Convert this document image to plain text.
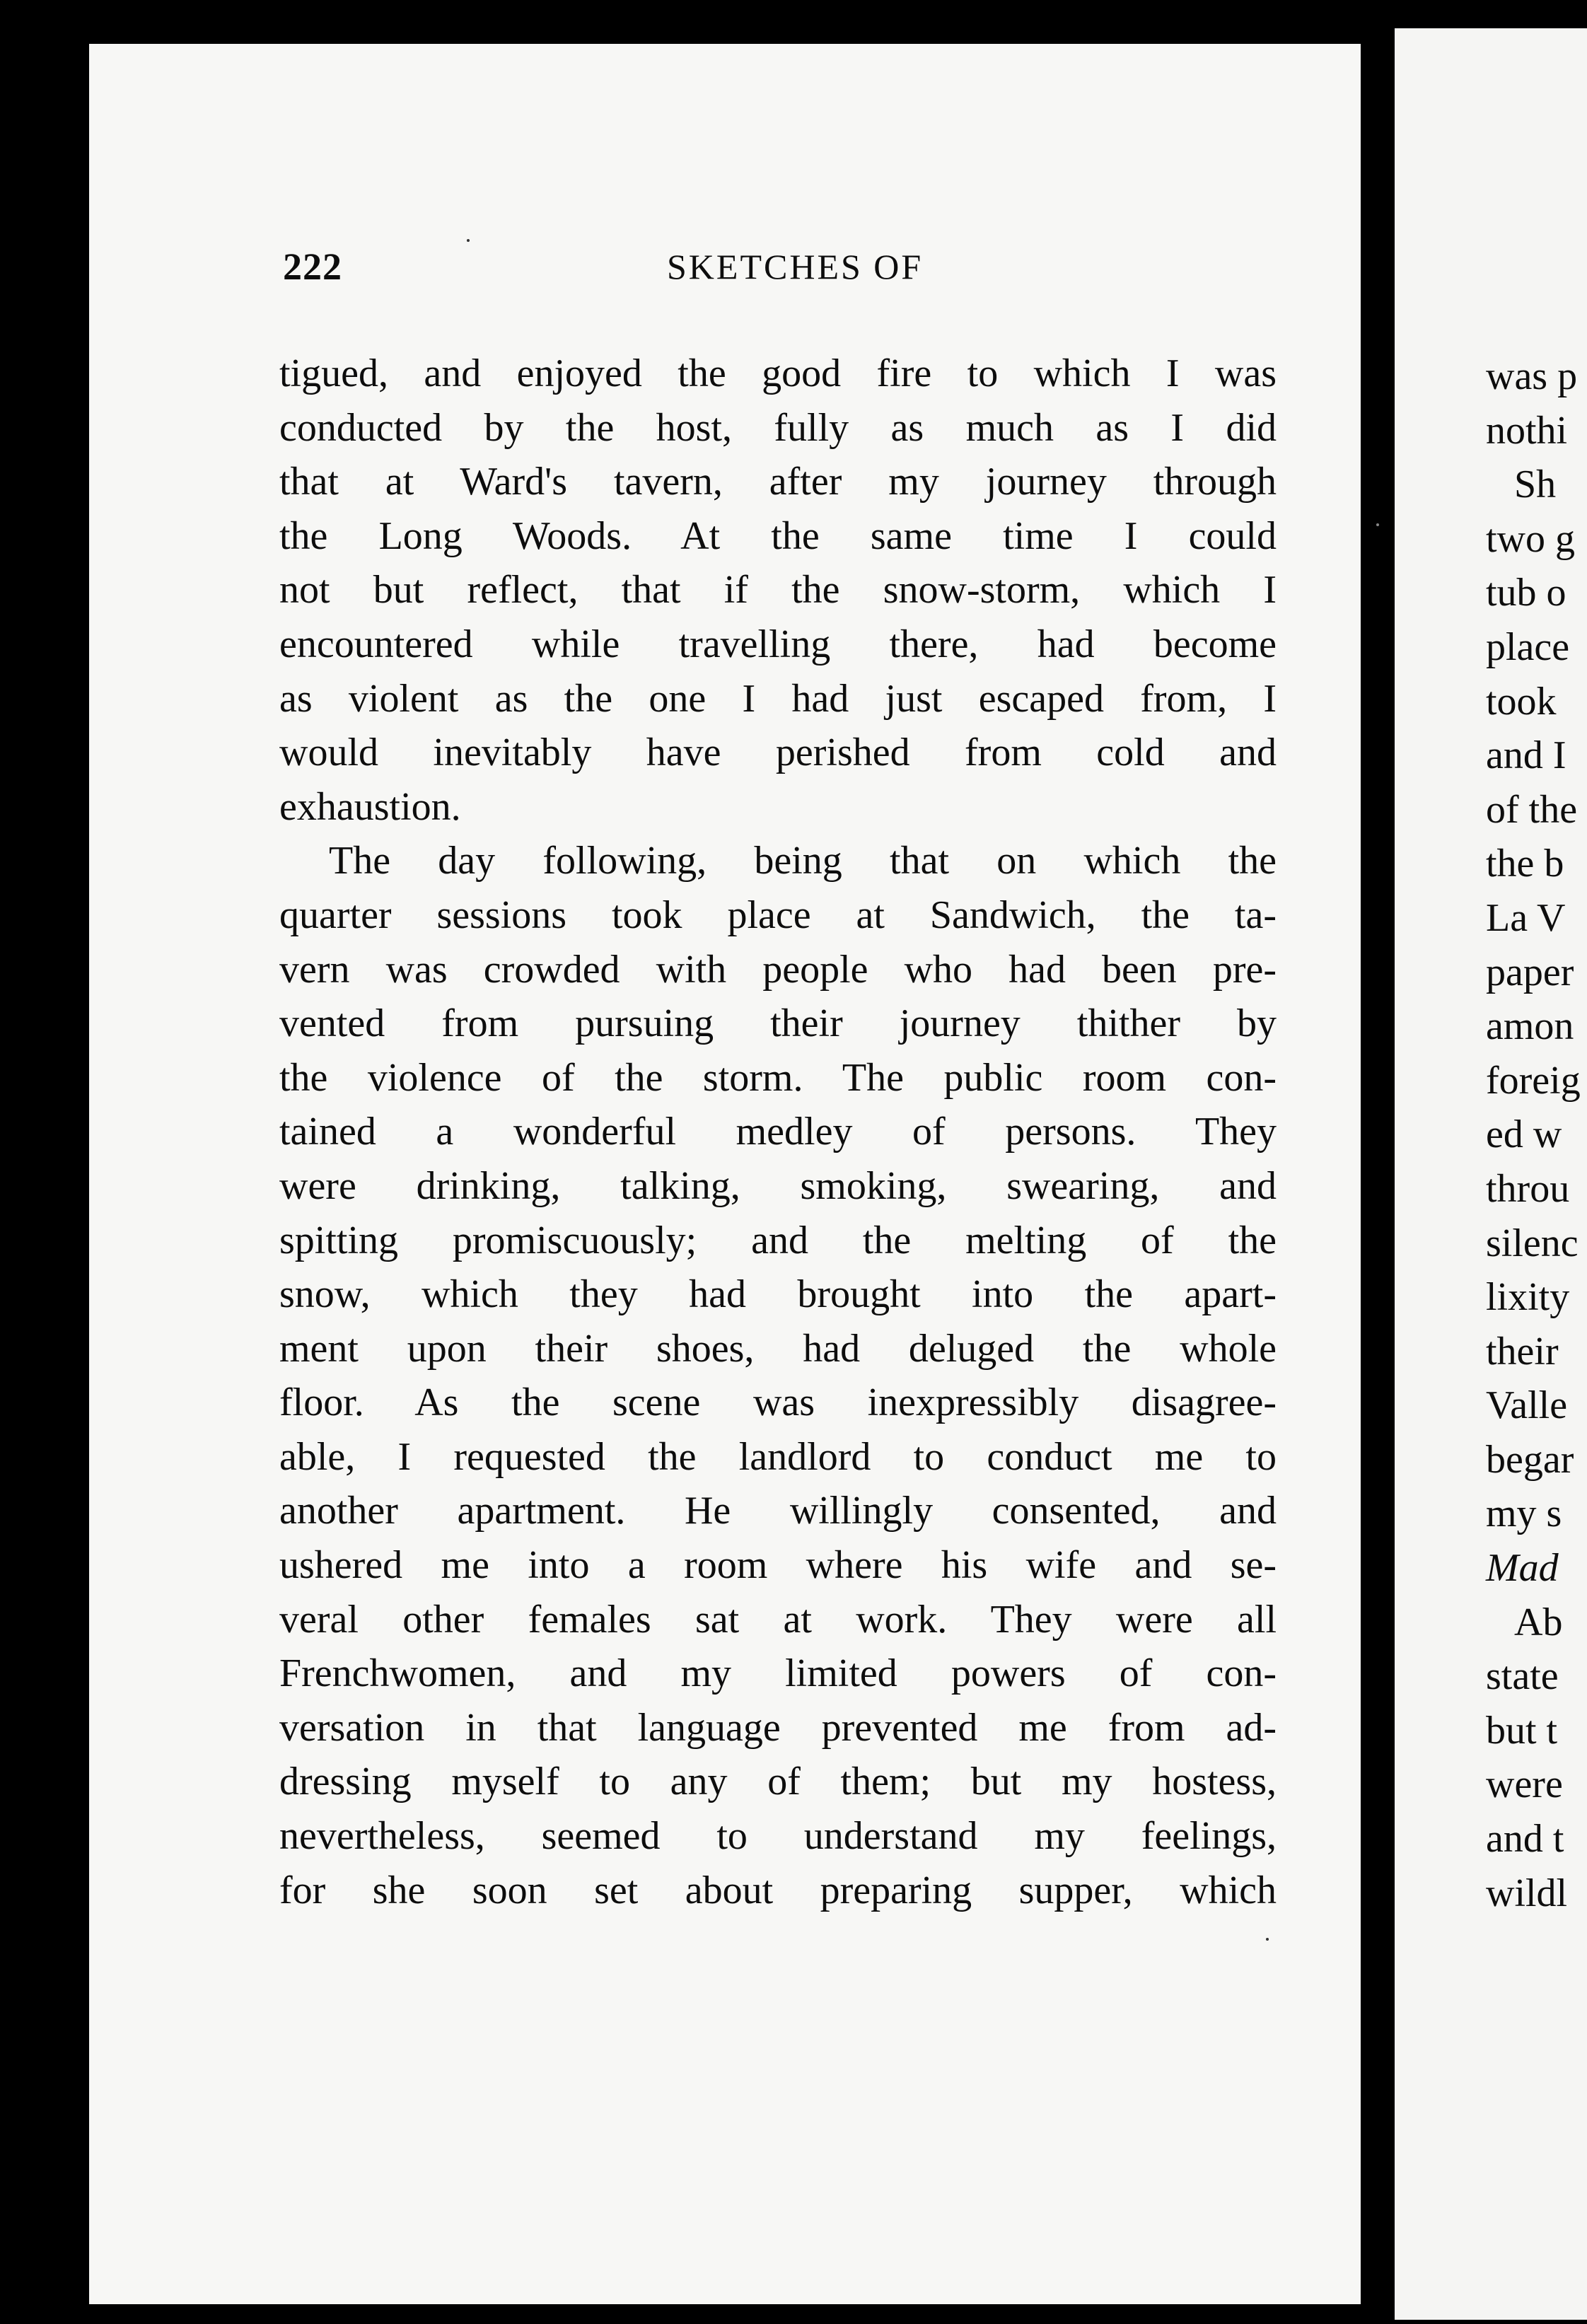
222	SKETCHES OF
tigued, and enjoyed the good fire to which I was
conducted by the host, fully as much as I did
that at Ward's tavern, after my journey through
the Long Woods. At the same time I could
not but reflect, that if the snow-storm, which I
encountered while travelling there, had become
as violent as the one I had just escaped from, I
would inevitably have perished from cold and
exhaustion.
The day following, being that on which the
quarter sessions took place at Sandwich, the ta-
vern was crowded with people who had been pre-
vented from pursuing their journey thither by
the violence of the storm. The public room con-
tained a wonderful medley of persons. They
were drinking, talking, smoking, swearing, and
spitting promiscuously; and the melting of the
snow, which they had brought into the apart-
ment upon their shoes, had deluged the whole
floor. As the scene was inexpressibly disagree-
able, I requested the landlord to conduct me to
another apartment. He willingly consented, and
ushered me into a room where his wife and se-
veral other females sat at work. They were all
Frenchwomen, and my limited powers of con-
versation in that language prevented me from ad-
dressing myself to any of them; but my hostess,
nevertheless, seemed to understand my feelings,
for she soon set about preparing supper, which
was p
nothi
Sh
two g
tub o
place
took
and I
of the
the b
La V
paper
amon
foreig
ed w
throu
silenc
lixity
their
Valle
begar
my s
Mad
Ab
state
but t
were
and t
wildl
